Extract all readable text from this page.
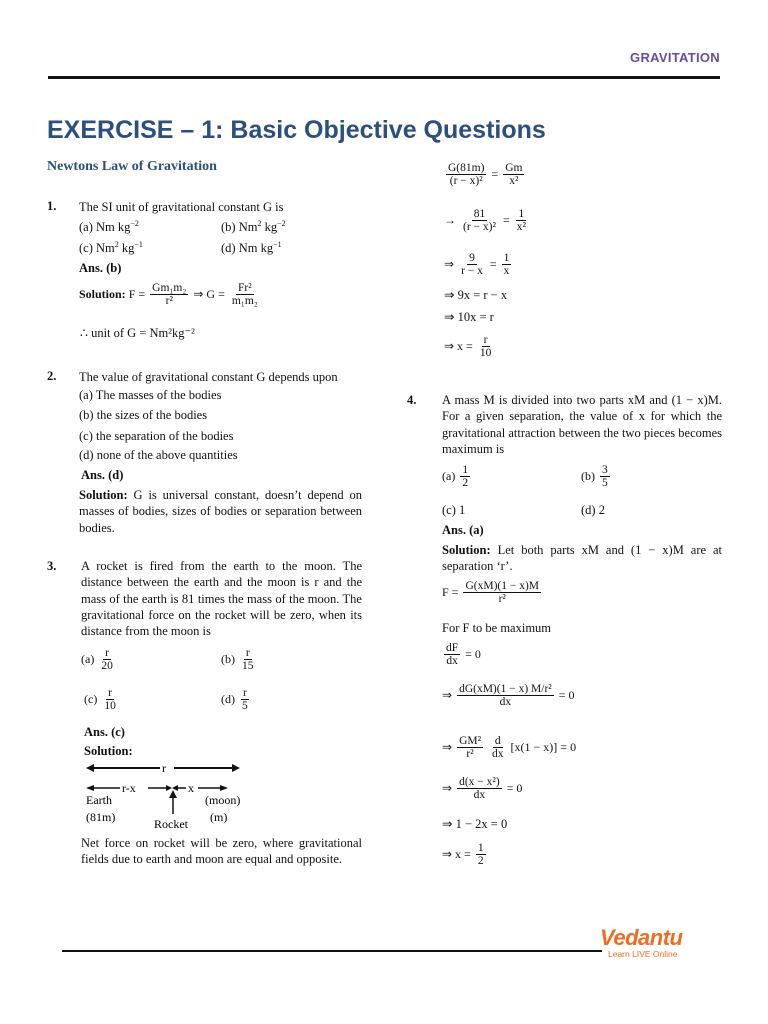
GRAVITATION
EXERCISE – 1: Basic Objective Questions
Newtons Law of Gravitation
1. The SI unit of gravitational constant G is
(a) Nm $kg^{-2}$	(b) Nm$^2$ $kg^{-2}$
(c) Nm$^2$ $kg^{-1}$	(d) Nm $kg^{-1}$
Ans. (b)
Solution: $F = \frac{\text{Gm₁m₂}}{\text{r²}}$ ⇒ $G = \frac{\text{Fr²}}{\text{m₁m₂}}$
∴ unit of G = Nm²kg⁻²
2. The value of gravitational constant G depends upon
(a) The masses of the bodies
(b) the sizes of the bodies
(c) the separation of the bodies
(d) none of the above quantities
Ans. (d)
Solution: G is universal constant, doesn’t depend on masses of bodies, sizes of bodies or separation between bodies.
3. A rocket is fired from the earth to the moon. The distance between the earth and the moon is r and the mass of the earth is 81 times the mass of the moon. The gravitational force on the rocket will be zero, when its distance from the moon is
$(a) \frac{r}{20}$	$(b) \frac{r}{15}$
$(c) \frac{r}{10}$	$(d) \frac{r}{5}$
Ans. (c)
Solution:
r
r-x	x
Earth
(81m)
(moon)
(m)
Rocket
Net force on rocket will be zero, where gravitational fields due to earth and moon are equal and opposite.
$\frac{G(81m)}{\text{(r − x)²}} = \frac{Gm}{\text{x²}}$
→ $\frac{81}{\text{(r − x)²}} = \frac{1}{\text{x²}}$
⇒ $\frac{9}{r - x} = \frac{1}{x}$
⇒ 9x = r − x
⇒ 10x = r
⇒ $x = \frac{r}{10}$
4. A mass M is divided into two parts xM and (1 − x)M. For a given separation, the value of x for which the gravitational attraction between the two pieces becomes maximum is
$(a) \frac{1}{2}$	$(b) \frac{3}{5}$
(c) 1	(d) 2
Ans. (a)
Solution: Let both parts xM and (1 − x)M are at separation ‘r’.
$F = \frac{G(xM)(1 - x)M}{\text{r²}}$
For F to be maximum
$\frac{dF}{dx} = 0$
⇒ $\frac{\text{dG(xM)(1 − x) M/r²}}{dx} = 0$
⇒ $\frac{\text{GM²}}{\text{r²}} \frac{d}{dx} [x(1 - x)] = 0$
⇒ $\frac{\text{d(x − x²)}}{dx} = 0$
⇒ 1 − 2x = 0
⇒ $x = \frac{1}{2}$
Vedantu
Learn LIVE Online
